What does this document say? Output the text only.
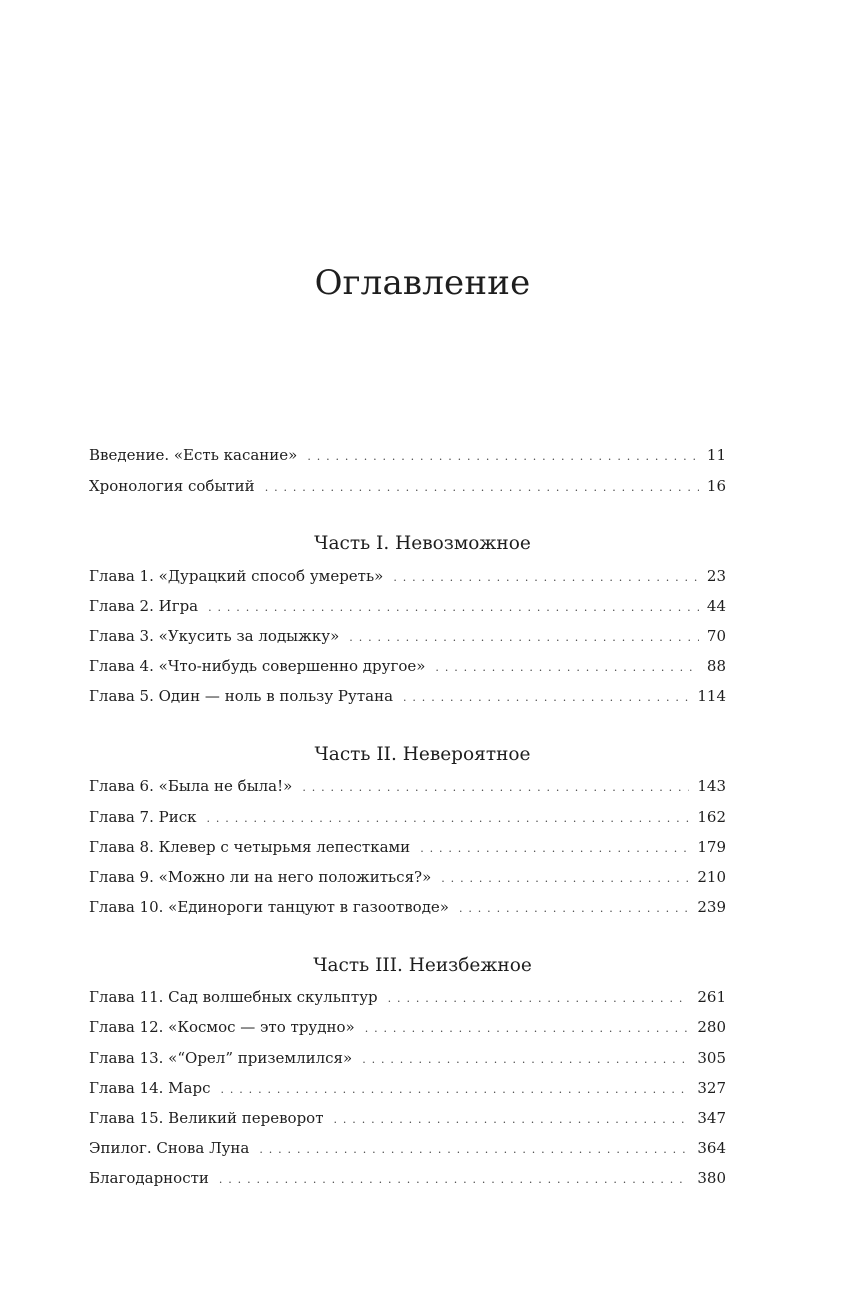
Оглавление
Введение. «Есть касание» . . .	11
Хронология событий . . .	16
Часть I. Невозможное
Глава 1. «Дурацкий способ умереть» . . .	23
Глава 2. Игра . . .	44
Глава 3. «Укусить за лодыжку» . . .	70
Глава 4. «Что-нибудь совершенно другое» . . .	88
Глава 5. Один — ноль в пользу Рутана . . .	114
Часть II. Невероятное
Глава 6. «Была не была!» . . .	143
Глава 7. Риск . . .	162
Глава 8. Клевер с четырьмя лепестками . . .	179
Глава 9. «Можно ли на него положиться?» . . .	210
Глава 10. «Единороги танцуют в газоотводе» . . .	239
Часть III. Неизбежное
Глава 11. Сад волшебных скульптур . . .	261
Глава 12. «Космос — это трудно» . . .	280
Глава 13. «“Орел” приземлился» . . .	305
Глава 14. Марс . . .	327
Глава 15. Великий переворот . . .	347
Эпилог. Снова Луна . . .	364
Благодарности . . .	380
